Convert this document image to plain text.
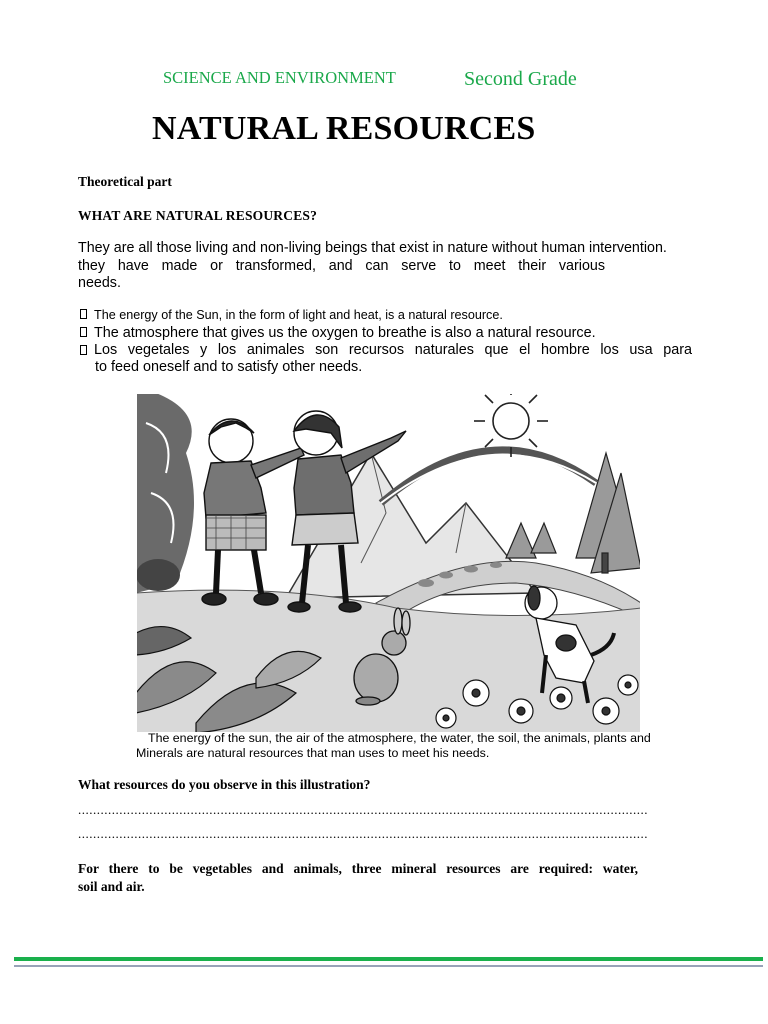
SCIENCE AND ENVIRONMENT	Second Grade
NATURAL RESOURCES
Theoretical part
WHAT ARE NATURAL RESOURCES?
They are all those living and non-living beings that exist in nature without human intervention.
they have made or transformed, and can serve to meet their various
needs.
The energy of the Sun, in the form of light and heat, is a natural resource.
The atmosphere that gives us the oxygen to breathe is also a natural resource.
Los vegetales y los animales son recursos naturales que el hombre los usa para
to feed oneself and to satisfy other needs.
The energy of the sun, the air of the atmosphere, the water, the soil, the animals, plants and
Minerals are natural resources that man uses to meet his needs.
What resources do you observe in this illustration?
........................................................................................................................................................
........................................................................................................................................................
For there to be vegetables and animals, three mineral resources are required: water,
soil and air.
